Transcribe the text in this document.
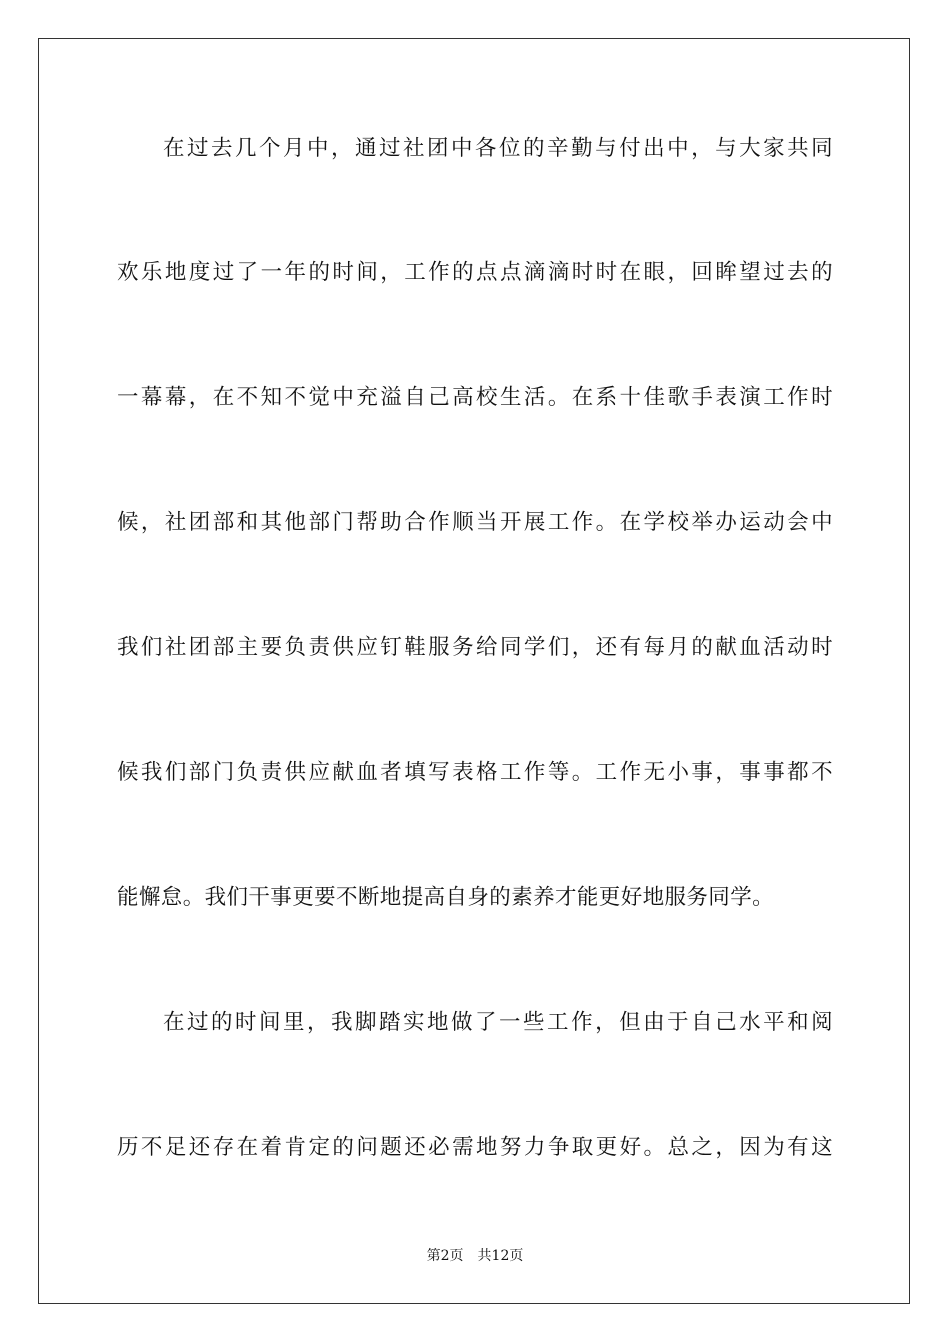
在过去几个月中，通过社团中各位的辛勤与付出中，与大家共同
欢乐地度过了一年的时间，工作的点点滴滴时时在眼，回眸望过去的
一幕幕，在不知不觉中充溢自己高校生活。在系十佳歌手表演工作时
候，社团部和其他部门帮助合作顺当开展工作。在学校举办运动会中
我们社团部主要负责供应钉鞋服务给同学们，还有每月的献血活动时
候我们部门负责供应献血者填写表格工作等。工作无小事，事事都不
能懈怠。我们干事更要不断地提高自身的素养才能更好地服务同学。
在过的时间里，我脚踏实地做了一些工作，但由于自己水平和阅
历不足还存在着肯定的问题还必需地努力争取更好。总之，因为有这
第2页 共12页
